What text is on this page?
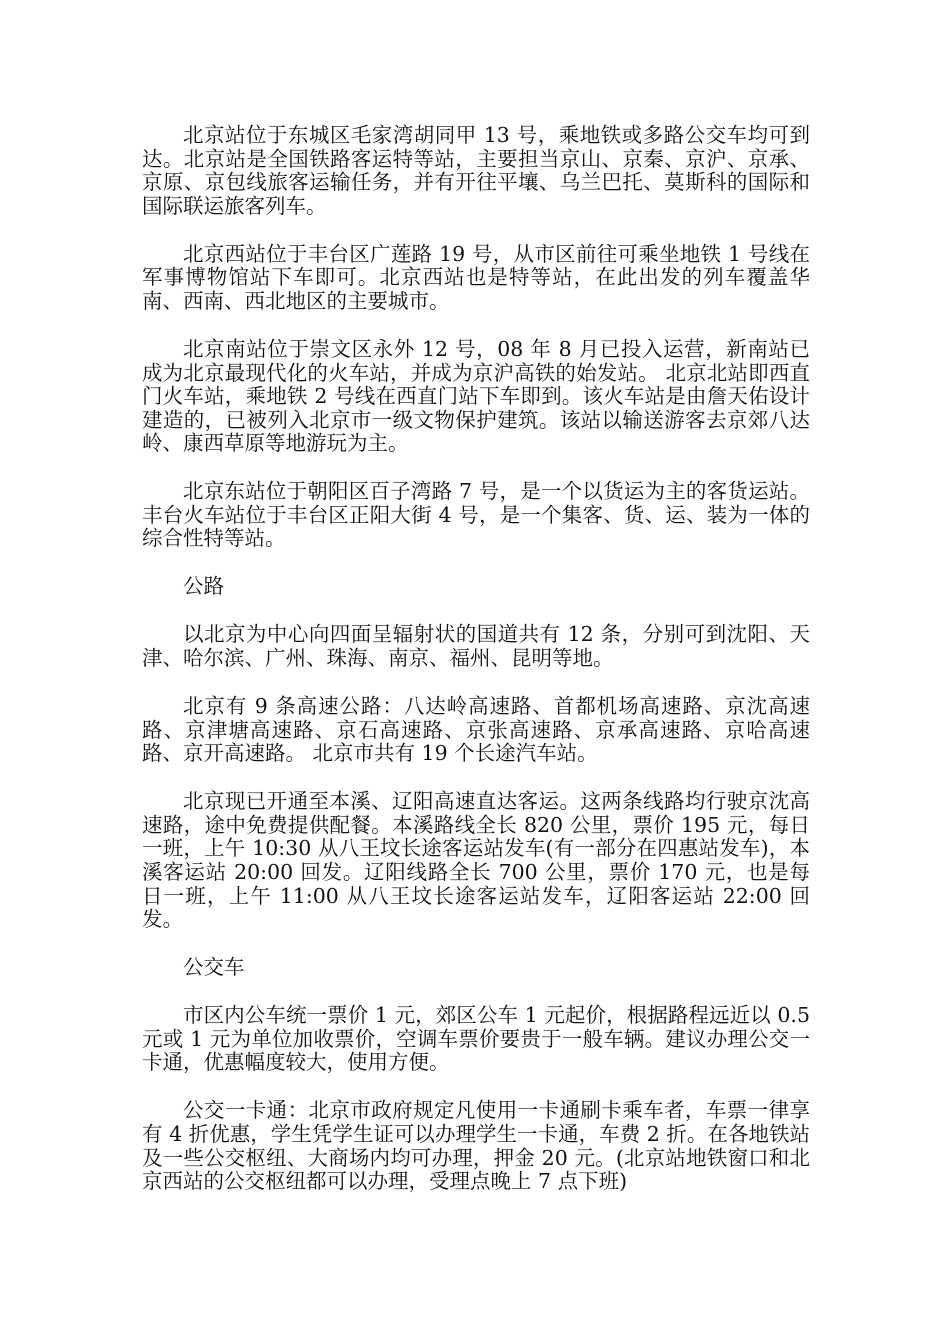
北京站位于东城区毛家湾胡同甲 13 号，乘地铁或多路公交车均可到达。北京站是全国铁路客运特等站，主要担当京山、京秦、京沪、京承、京原、京包线旅客运输任务，并有开往平壤、乌兰巴托、莫斯科的国际和国际联运旅客列车。

北京西站位于丰台区广莲路 19 号，从市区前往可乘坐地铁 1 号线在军事博物馆站下车即可。北京西站也是特等站，在此出发的列车覆盖华南、西南、西北地区的主要城市。

北京南站位于崇文区永外 12 号，08 年 8 月已投入运营，新南站已成为北京最现代化的火车站，并成为京沪高铁的始发站。 北京北站即西直门火车站，乘地铁 2 号线在西直门站下车即到。该火车站是由詹天佑设计建造的，已被列入北京市一级文物保护建筑。该站以输送游客去京郊八达岭、康西草原等地游玩为主。

北京东站位于朝阳区百子湾路 7 号，是一个以货运为主的客货运站。 丰台火车站位于丰台区正阳大街 4 号，是一个集客、货、运、装为一体的综合性特等站。

公路

以北京为中心向四面呈辐射状的国道共有 12 条，分别可到沈阳、天津、哈尔滨、广州、珠海、南京、福州、昆明等地。

北京有 9 条高速公路：八达岭高速路、首都机场高速路、京沈高速路、京津塘高速路、京石高速路、京张高速路、京承高速路、京哈高速路、京开高速路。 北京市共有 19 个长途汽车站。

北京现已开通至本溪、辽阳高速直达客运。这两条线路均行驶京沈高速路，途中免费提供配餐。本溪路线全长 820 公里，票价 195 元，每日一班，上午 10:30 从八王坟长途客运站发车(有一部分在四惠站发车)，本溪客运站 20:00 回发。辽阳线路全长 700 公里，票价 170 元，也是每日一班，上午 11:00 从八王坟长途客运站发车，辽阳客运站 22:00 回发。

公交车

市区内公车统一票价 1 元，郊区公车 1 元起价，根据路程远近以 0.5 元或 1 元为单位加收票价，空调车票价要贵于一般车辆。建议办理公交一卡通，优惠幅度较大，使用方便。

公交一卡通：北京市政府规定凡使用一卡通刷卡乘车者，车票一律享有 4 折优惠，学生凭学生证可以办理学生一卡通，车费 2 折。在各地铁站及一些公交枢纽、大商场内均可办理，押金 20 元。(北京站地铁窗口和北京西站的公交枢纽都可以办理，受理点晚上 7 点下班)
